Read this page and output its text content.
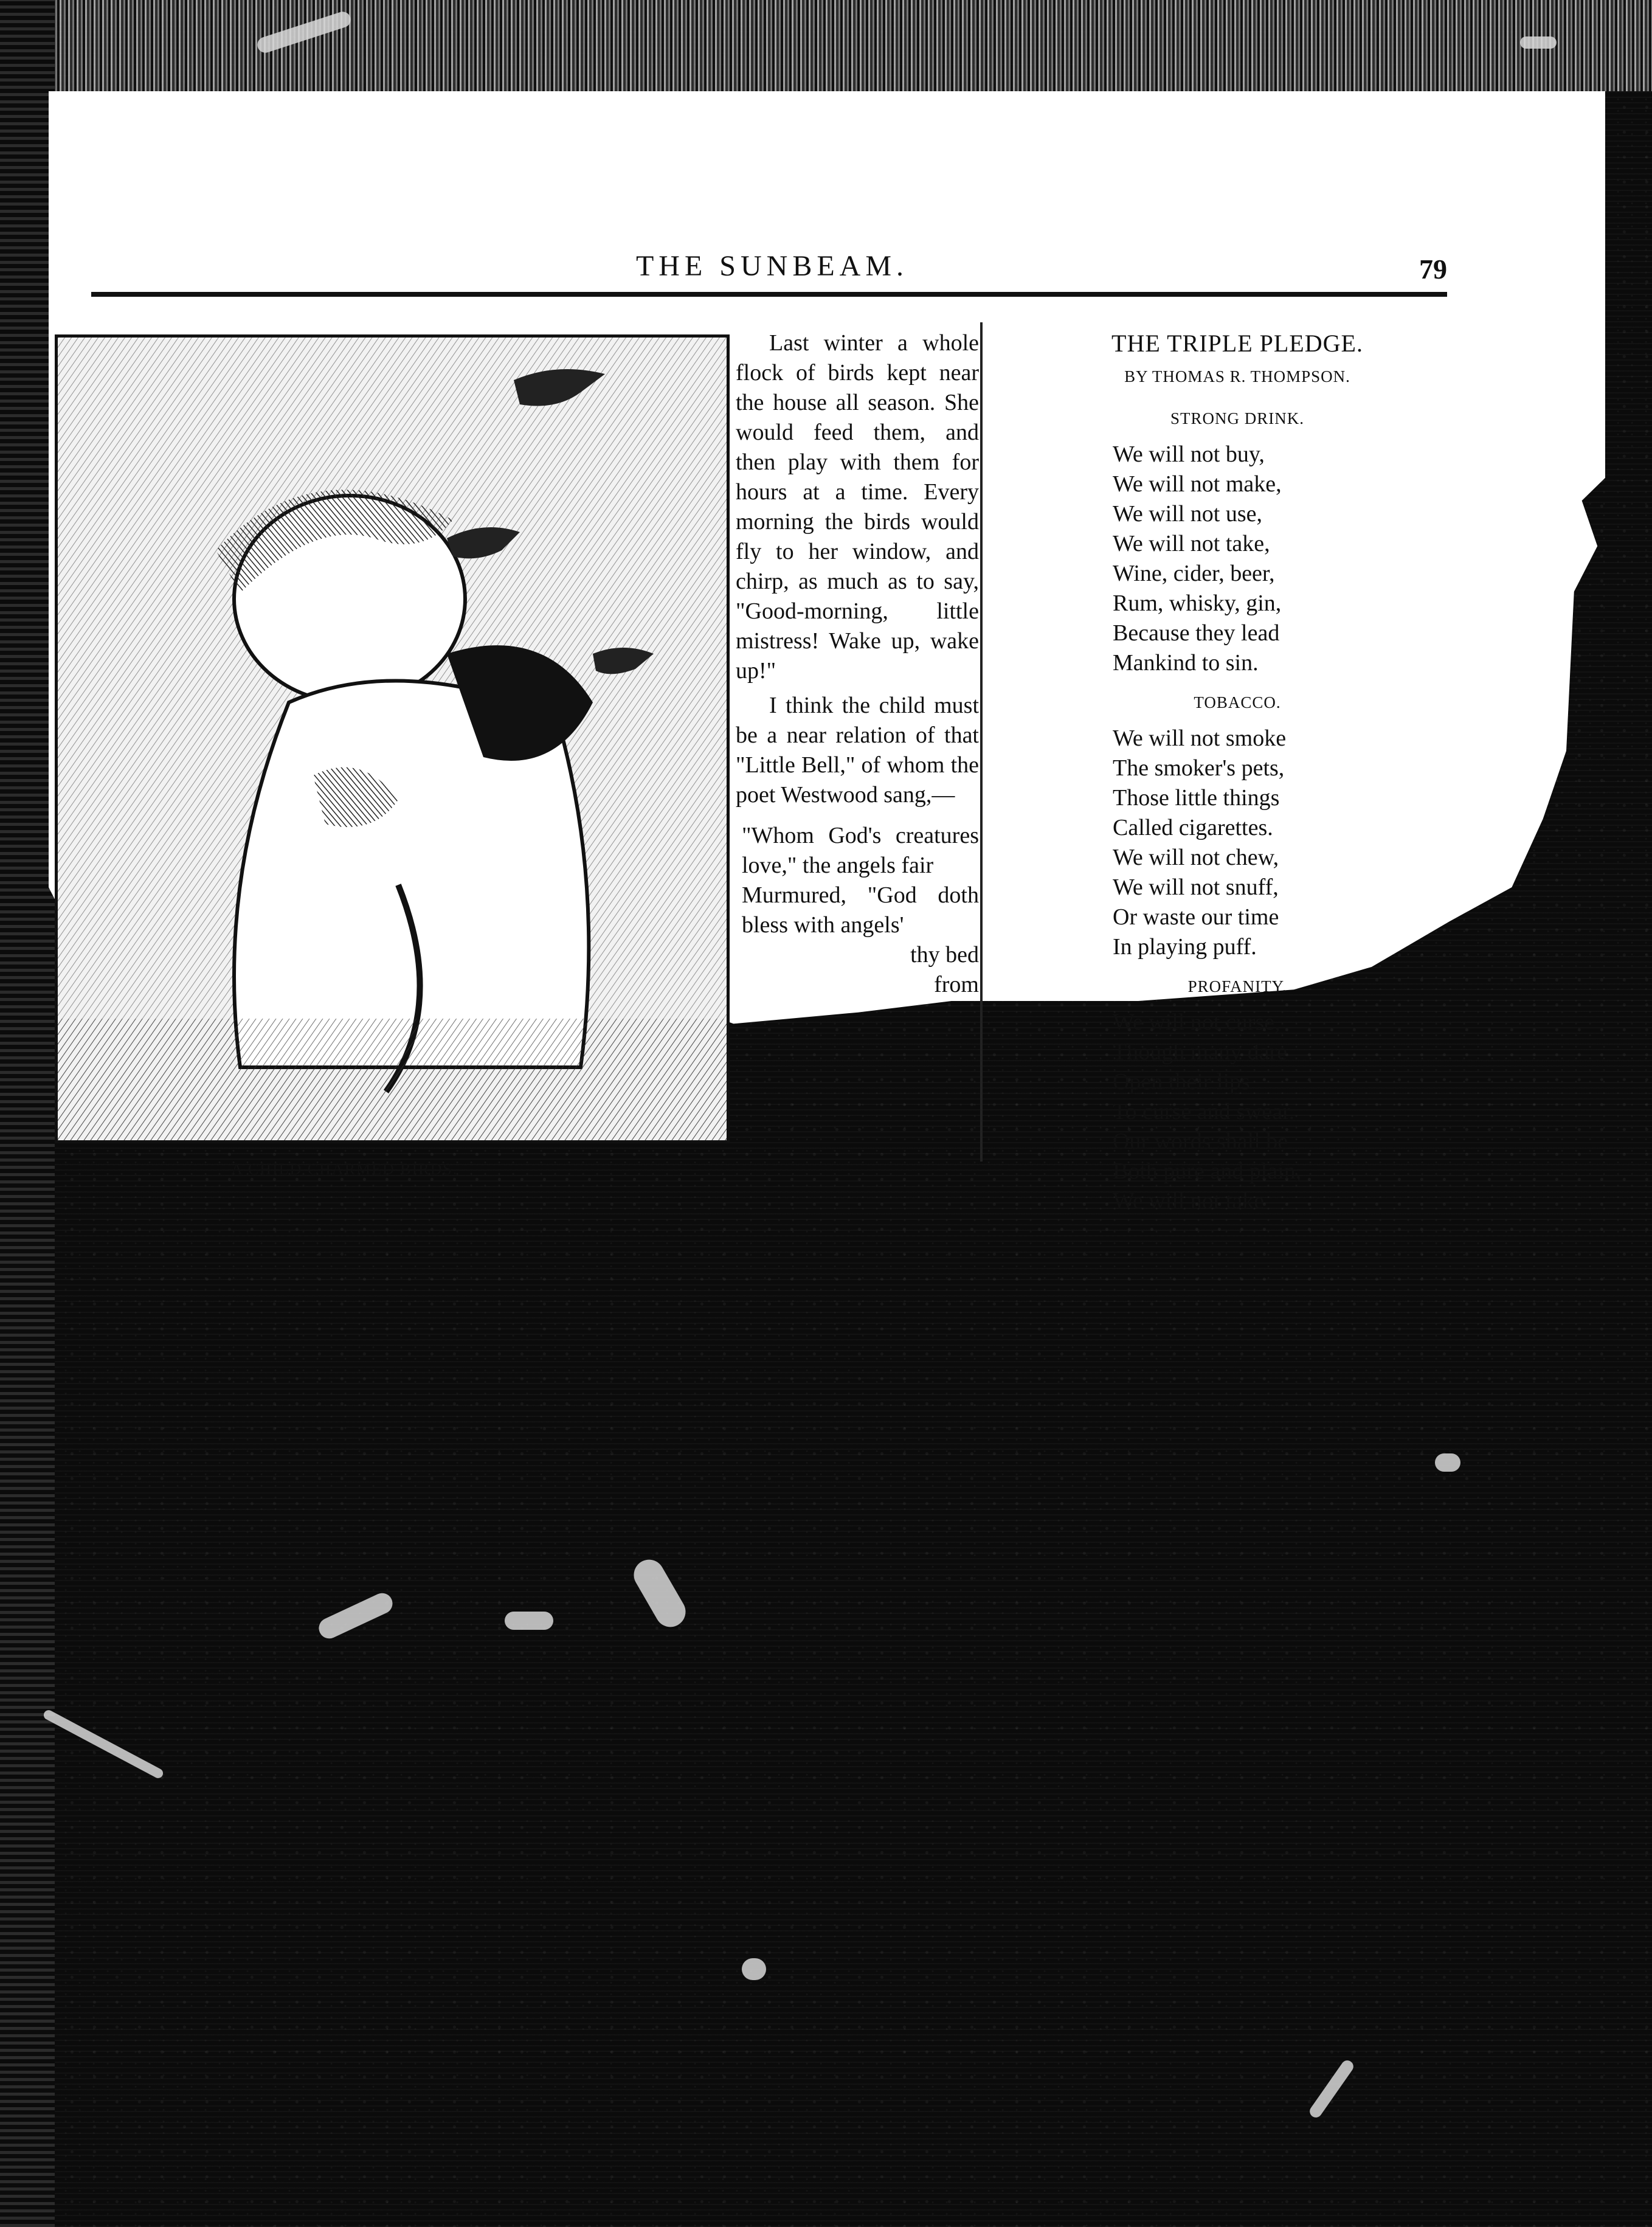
THE SUNBEAM.	79
A CHILD CHARMED BIRDS.

Last winter a whole flock of birds kept near the house all season. She would feed them, and then play with them for hours at a time. Every morning the birds would fly to her window, and chirp, as much as to say, "Good-morning, little mistress! Wake up, wake up!"

I think the child must be a near relation of that "Little Bell," of whom the poet Westwood sang,—

"Whom God's creatures love," the angels fair

Murmured, "God doth bless with angels'

thy bed

from

THE TRIPLE PLEDGE.
BY THOMAS R. THOMPSON.
STRONG DRINK.
We will not buy,
We will not make,
We will not use,
We will not take,
Wine, cider, beer,
Rum, whisky, gin,
Because they lead
Mankind to sin.
TOBACCO.
We will not smoke
The smoker's pets,
Those little things
Called cigarettes.
We will not chew,
We will not snuff,
Or waste our time
In playing puff.
PROFANITY.
We will not curse,
Though many dare
Open their lips
To curse and swear.
Our words shall be
Both pure and plain,
We will not take
